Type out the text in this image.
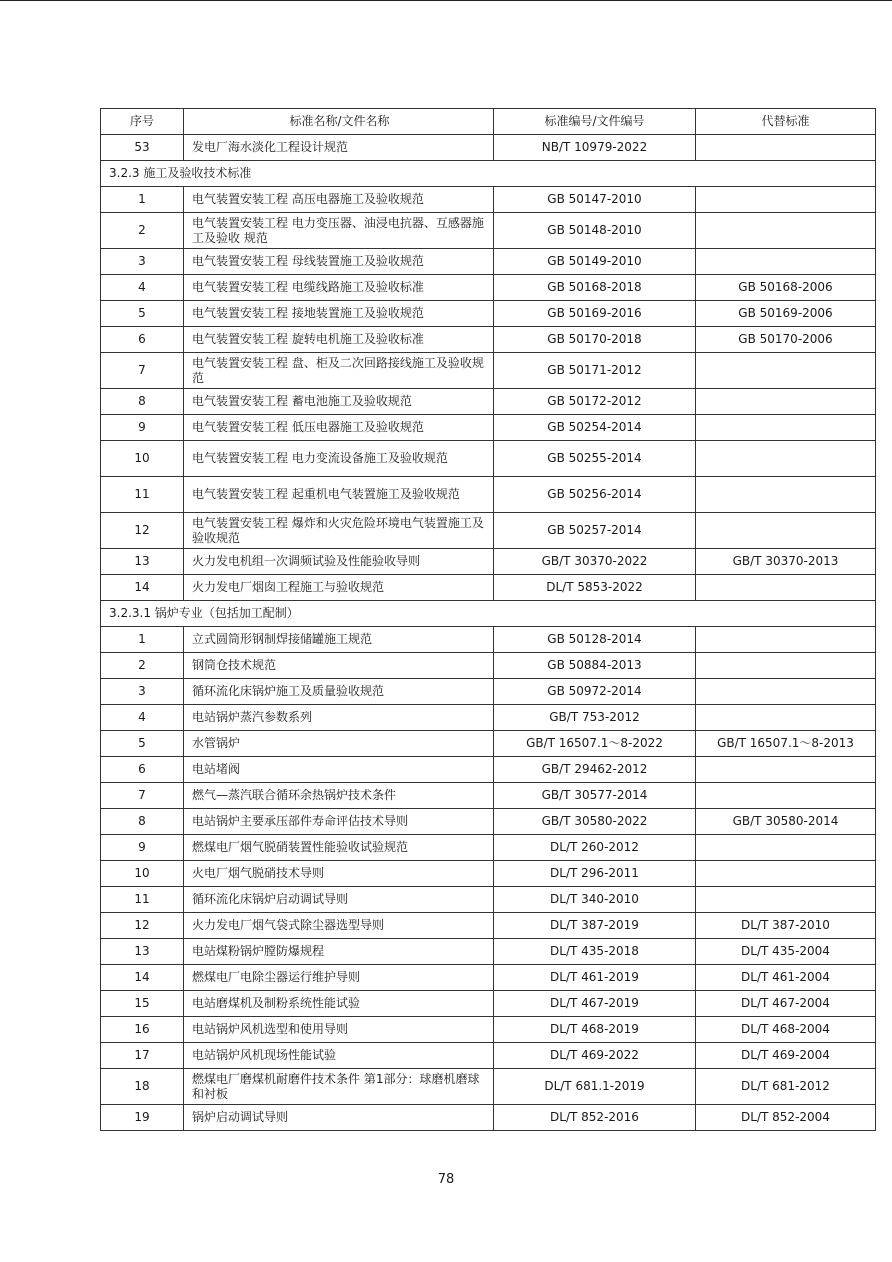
序号	标准名称/文件名称	标准编号/文件编号	代替标准
53	发电厂海水淡化工程设计规范	NB/T 10979-2022	
3.2.3 施工及验收技术标准			
1	电气装置安装工程 高压电器施工及验收规范	GB 50147-2010	
2	电气装置安装工程 电力变压器、油浸电抗器、互感器施工及验收 规范	GB 50148-2010	
3	电气装置安装工程 母线装置施工及验收规范	GB 50149-2010	
4	电气装置安装工程 电缆线路施工及验收标准	GB 50168-2018	GB 50168-2006
5	电气装置安装工程 接地装置施工及验收规范	GB 50169-2016	GB 50169-2006
6	电气装置安装工程 旋转电机施工及验收标准	GB 50170-2018	GB 50170-2006
7	电气装置安装工程 盘、柜及二次回路接线施工及验收规范	GB 50171-2012	
8	电气装置安装工程 蓄电池施工及验收规范	GB 50172-2012	
9	电气装置安装工程 低压电器施工及验收规范	GB 50254-2014	
10	电气装置安装工程 电力变流设备施工及验收规范	GB 50255-2014	
11	电气装置安装工程 起重机电气装置施工及验收规范	GB 50256-2014	
12	电气装置安装工程 爆炸和火灾危险环境电气装置施工及验收规范	GB 50257-2014	
13	火力发电机组一次调频试验及性能验收导则	GB/T 30370-2022	GB/T 30370-2013
14	火力发电厂烟囱工程施工与验收规范	DL/T 5853-2022	
3.2.3.1 锅炉专业（包括加工配制）			
1	立式圆筒形钢制焊接储罐施工规范	GB 50128-2014	
2	钢筒仓技术规范	GB 50884-2013	
3	循环流化床锅炉施工及质量验收规范	GB 50972-2014	
4	电站锅炉蒸汽参数系列	GB/T 753-2012	
5	水管锅炉	GB/T 16507.1～8-2022	GB/T 16507.1～8-2013
6	电站堵阀	GB/T 29462-2012	
7	燃气—蒸汽联合循环余热锅炉技术条件	GB/T 30577-2014	
8	电站锅炉主要承压部件寿命评估技术导则	GB/T 30580-2022	GB/T 30580-2014
9	燃煤电厂烟气脱硝装置性能验收试验规范	DL/T 260-2012	
10	火电厂烟气脱硝技术导则	DL/T 296-2011	
11	循环流化床锅炉启动调试导则	DL/T 340-2010	
12	火力发电厂烟气袋式除尘器选型导则	DL/T 387-2019	DL/T 387-2010
13	电站煤粉锅炉膛防爆规程	DL/T 435-2018	DL/T 435-2004
14	燃煤电厂电除尘器运行维护导则	DL/T 461-2019	DL/T 461-2004
15	电站磨煤机及制粉系统性能试验	DL/T 467-2019	DL/T 467-2004
16	电站锅炉风机选型和使用导则	DL/T 468-2019	DL/T 468-2004
17	电站锅炉风机现场性能试验	DL/T 469-2022	DL/T 469-2004
18	燃煤电厂磨煤机耐磨件技术条件 第1部分：球磨机磨球和衬板	DL/T 681.1-2019	DL/T 681-2012
19	锅炉启动调试导则	DL/T 852-2016	DL/T 852-2004
78
